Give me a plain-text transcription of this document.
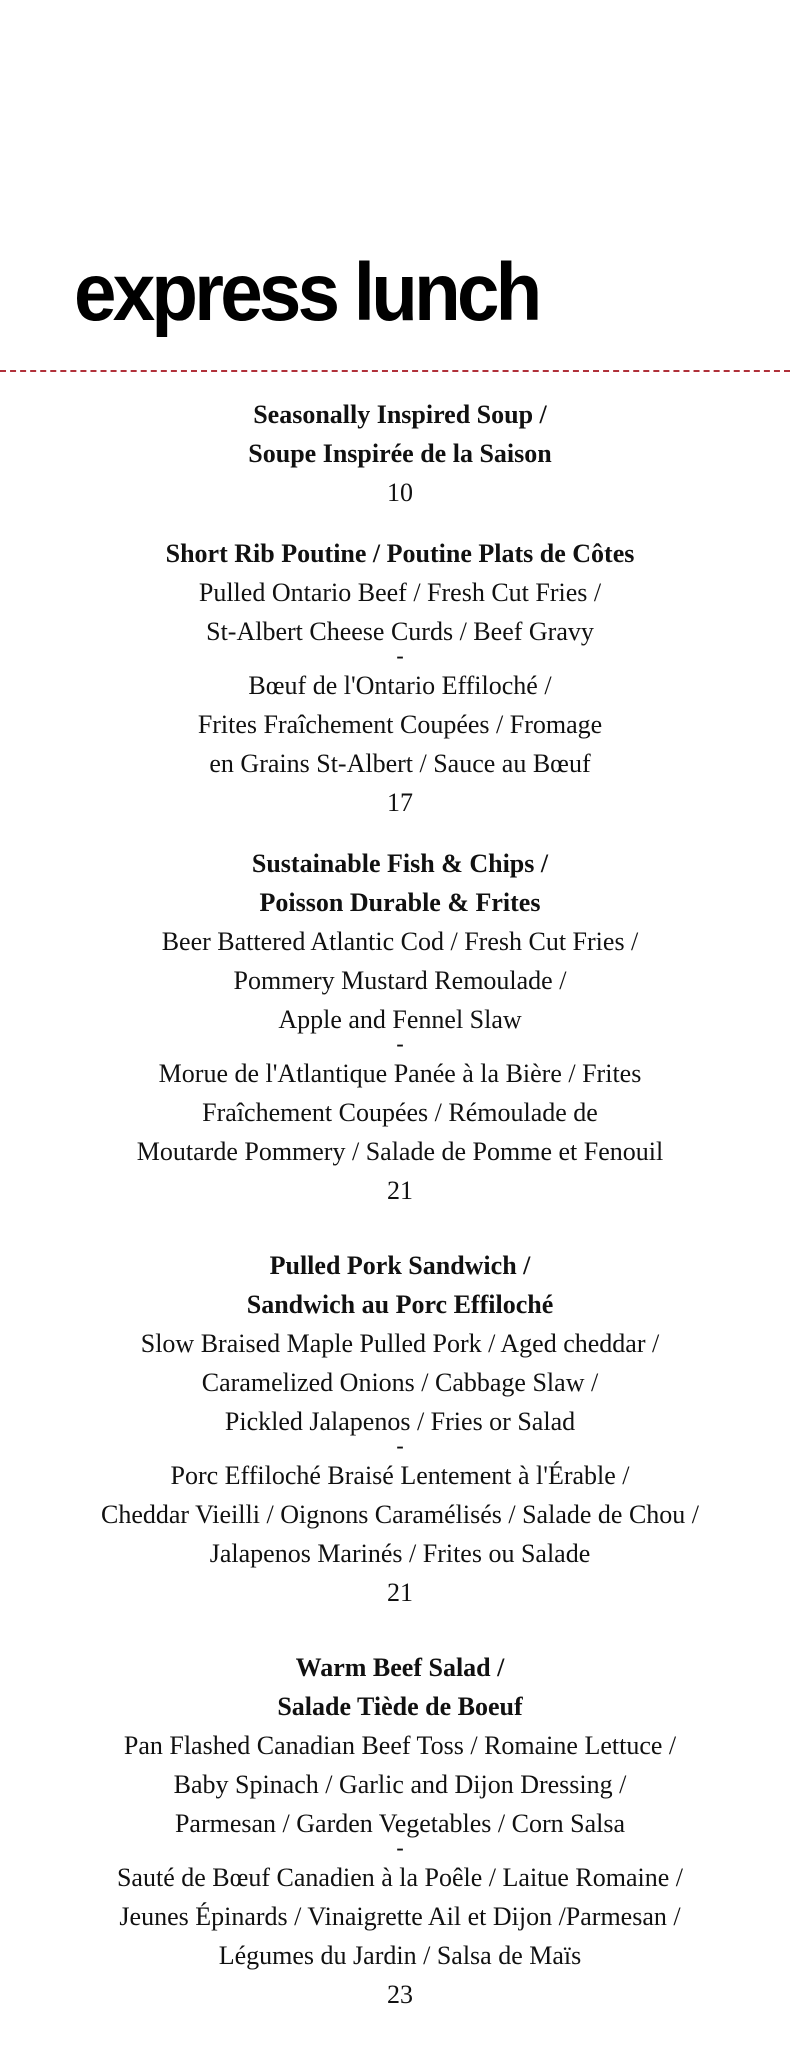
express lunch
Seasonally Inspired Soup /
Soupe Inspirée de la Saison
10
Short Rib Poutine / Poutine Plats de Côtes
Pulled Ontario Beef / Fresh Cut Fries /
St-Albert Cheese Curds / Beef Gravy
-
Bœuf de l'Ontario Effiloché /
Frites Fraîchement Coupées / Fromage
en Grains St-Albert / Sauce au Bœuf
17
Sustainable Fish & Chips /
Poisson Durable & Frites
Beer Battered Atlantic Cod / Fresh Cut Fries /
Pommery Mustard Remoulade /
Apple and Fennel Slaw
-
Morue de l'Atlantique Panée à la Bière / Frites
Fraîchement Coupées / Rémoulade de
Moutarde Pommery / Salade de Pomme et Fenouil
21
Pulled Pork Sandwich /
Sandwich au Porc Effiloché
Slow Braised Maple Pulled Pork / Aged cheddar /
Caramelized Onions / Cabbage Slaw /
Pickled Jalapenos / Fries or Salad
-
Porc Effiloché Braisé Lentement à l'Érable /
Cheddar Vieilli / Oignons Caramélisés / Salade de Chou /
Jalapenos Marinés / Frites ou Salade
21
Warm Beef Salad /
Salade Tiède de Boeuf
Pan Flashed Canadian Beef Toss / Romaine Lettuce /
Baby Spinach / Garlic and Dijon Dressing /
Parmesan / Garden Vegetables / Corn Salsa
-
Sauté de Bœuf Canadien à la Poêle / Laitue Romaine /
Jeunes Épinards / Vinaigrette Ail et Dijon /Parmesan /
Légumes du Jardin / Salsa de Maïs
23
